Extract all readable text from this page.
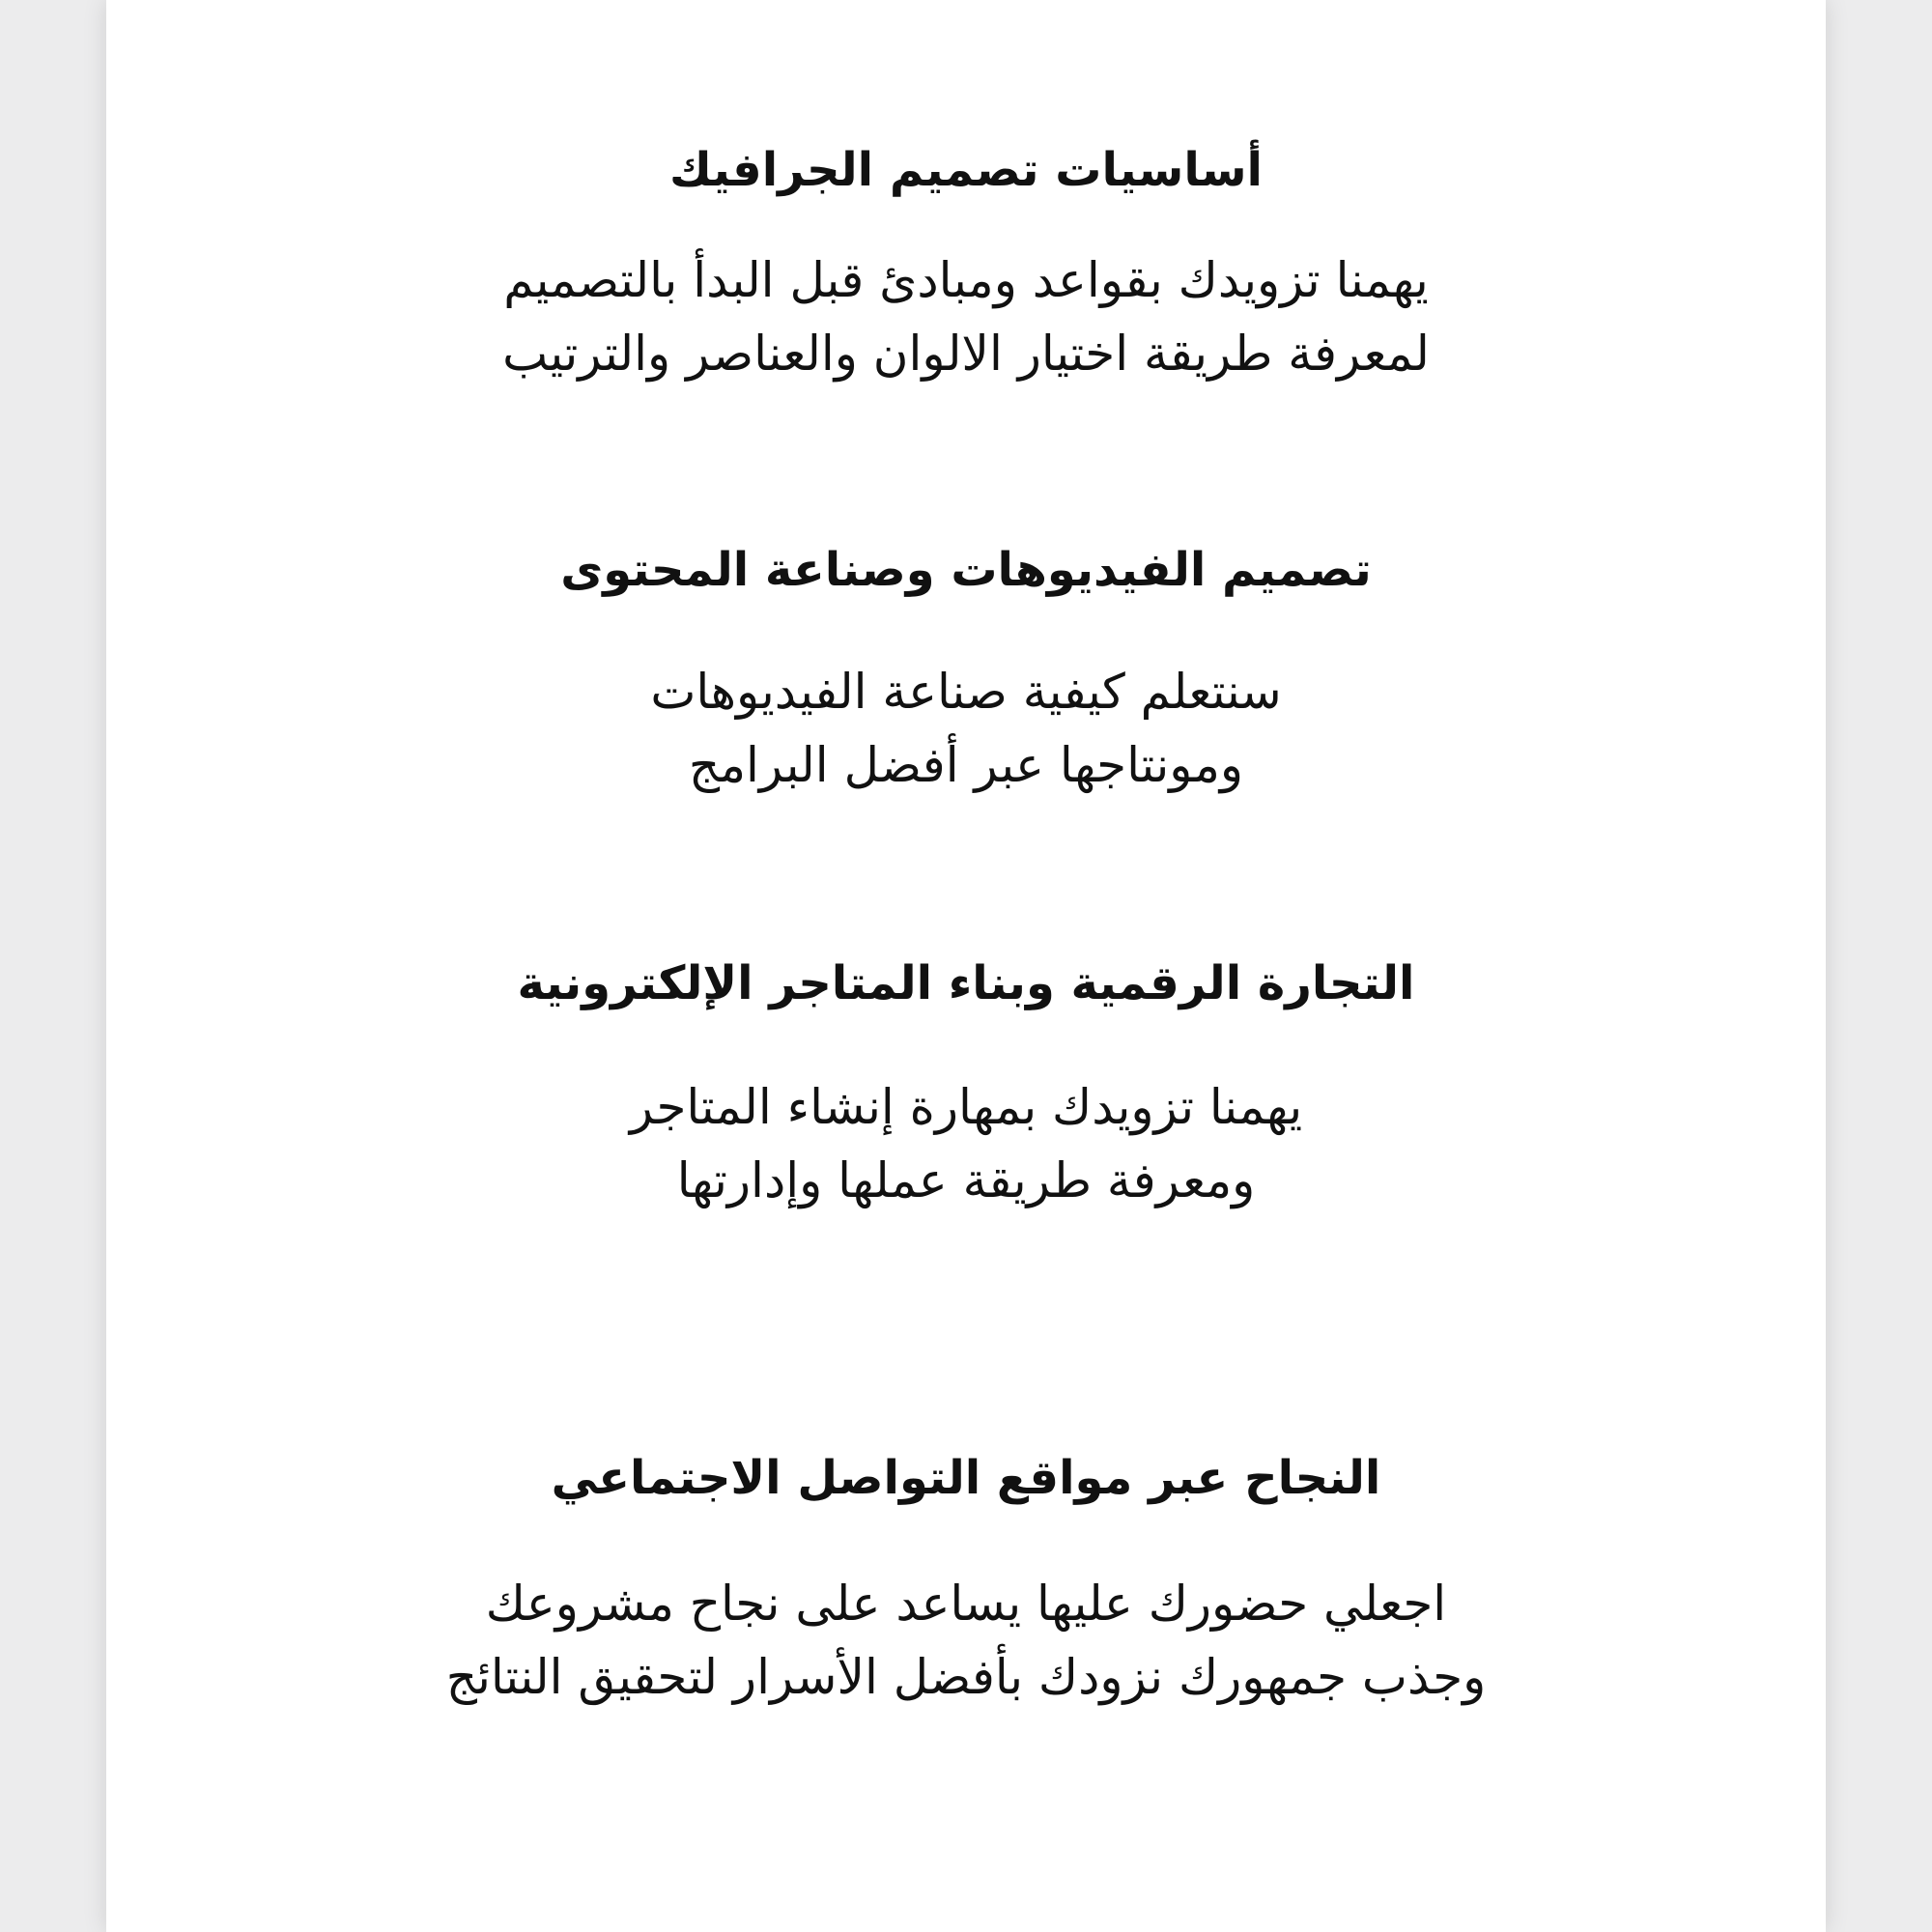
أساسيات تصميم الجرافيك
يهمنا تزويدك بقواعد ومبادئ قبل البدأ بالتصميم
لمعرفة طريقة اختيار الالوان والعناصر والترتيب
تصميم الفيديوهات وصناعة المحتوى
سنتعلم كيفية صناعة الفيديوهات
ومونتاجها عبر أفضل البرامج
التجارة الرقمية وبناء المتاجر الإلكترونية
يهمنا تزويدك بمهارة إنشاء المتاجر
ومعرفة طريقة عملها وإدارتها
النجاح عبر مواقع التواصل الاجتماعي
اجعلي حضورك عليها يساعد على نجاح مشروعك
وجذب جمهورك نزودك بأفضل الأسرار لتحقيق النتائج
